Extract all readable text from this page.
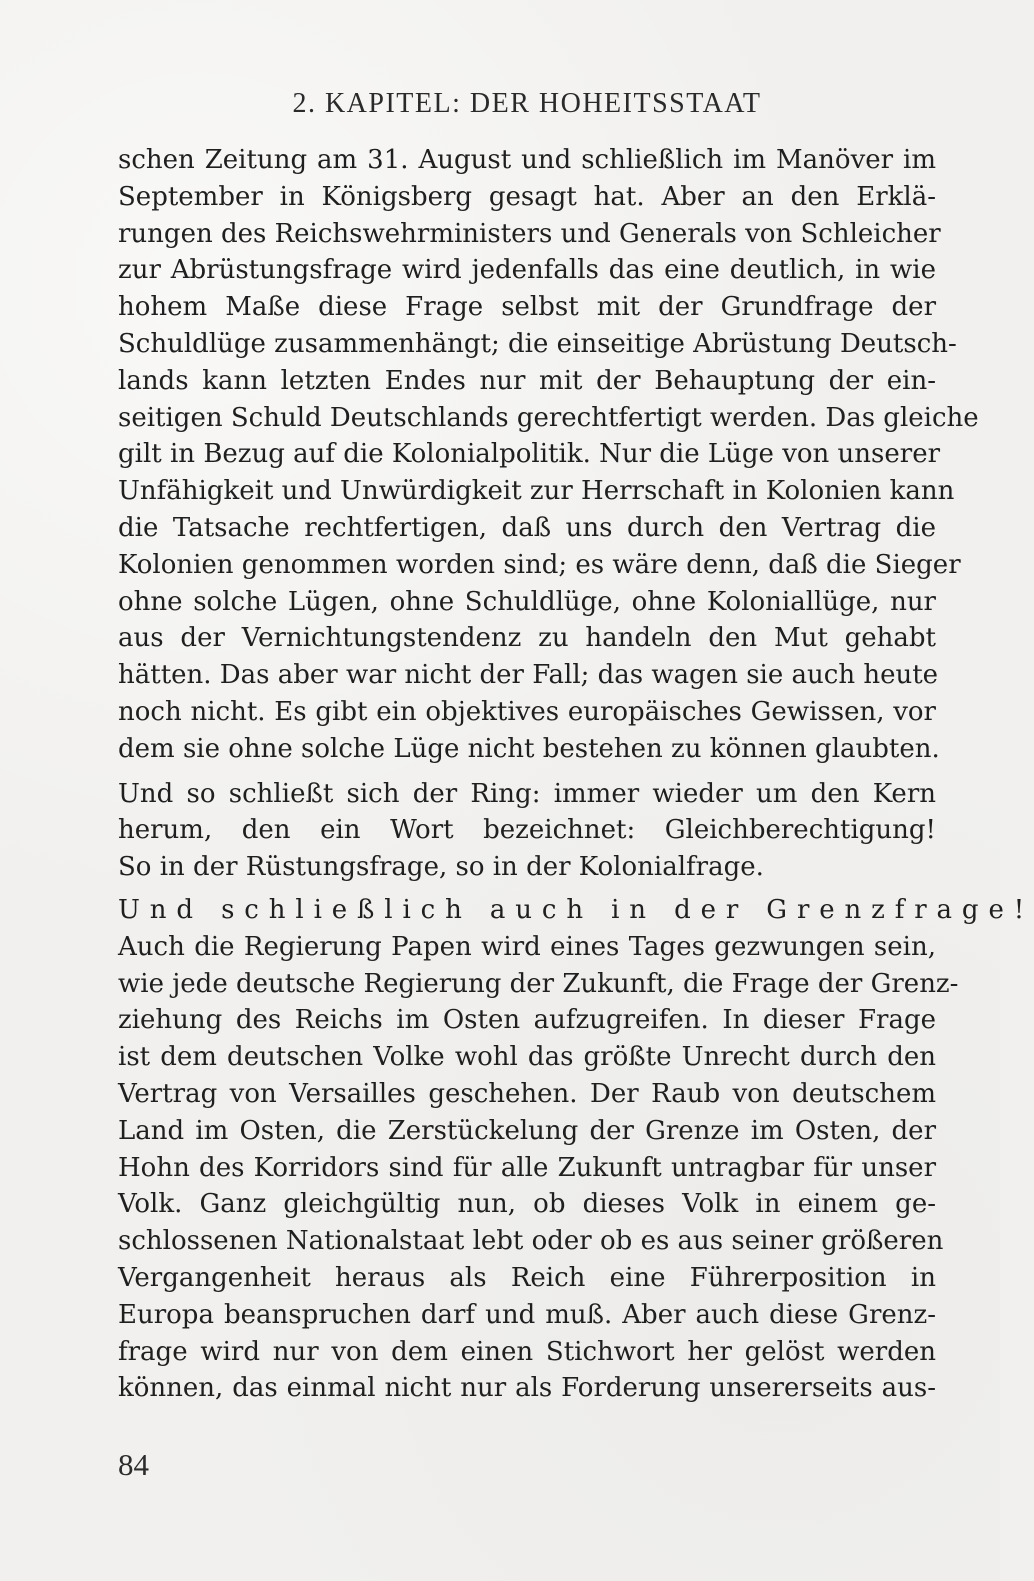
2. KAPITEL: DER HOHEITSSTAAT

schen Zeitung am 31. August und schließlich im Manöver im
September in Königsberg gesagt hat. Aber an den Erklä-
rungen des Reichswehrministers und Generals von Schleicher
zur Abrüstungsfrage wird jedenfalls das eine deutlich, in wie
hohem Maße diese Frage selbst mit der Grundfrage der
Schuldlüge zusammenhängt; die einseitige Abrüstung Deutsch-
lands kann letzten Endes nur mit der Behauptung der ein-
seitigen Schuld Deutschlands gerechtfertigt werden. Das gleiche
gilt in Bezug auf die Kolonialpolitik. Nur die Lüge von unserer
Unfähigkeit und Unwürdigkeit zur Herrschaft in Kolonien kann
die Tatsache rechtfertigen, daß uns durch den Vertrag die
Kolonien genommen worden sind; es wäre denn, daß die Sieger
ohne solche Lügen, ohne Schuldlüge, ohne Koloniallüge, nur
aus der Vernichtungstendenz zu handeln den Mut gehabt
hätten. Das aber war nicht der Fall; das wagen sie auch heute
noch nicht. Es gibt ein objektives europäisches Gewissen, vor
dem sie ohne solche Lüge nicht bestehen zu können glaubten.
Und so schließt sich der Ring: immer wieder um den Kern
herum, den ein Wort bezeichnet: Gleichberechtigung!
So in der Rüstungsfrage, so in der Kolonialfrage.
Und schließlich auch in der Grenzfrage!
Auch die Regierung Papen wird eines Tages gezwungen sein,
wie jede deutsche Regierung der Zukunft, die Frage der Grenz-
ziehung des Reichs im Osten aufzugreifen. In dieser Frage
ist dem deutschen Volke wohl das größte Unrecht durch den
Vertrag von Versailles geschehen. Der Raub von deutschem
Land im Osten, die Zerstückelung der Grenze im Osten, der
Hohn des Korridors sind für alle Zukunft untragbar für unser
Volk. Ganz gleichgültig nun, ob dieses Volk in einem ge-
schlossenen Nationalstaat lebt oder ob es aus seiner größeren
Vergangenheit heraus als Reich eine Führerposition in
Europa beanspruchen darf und muß. Aber auch diese Grenz-
frage wird nur von dem einen Stichwort her gelöst werden
können, das einmal nicht nur als Forderung unsererseits aus-

84
